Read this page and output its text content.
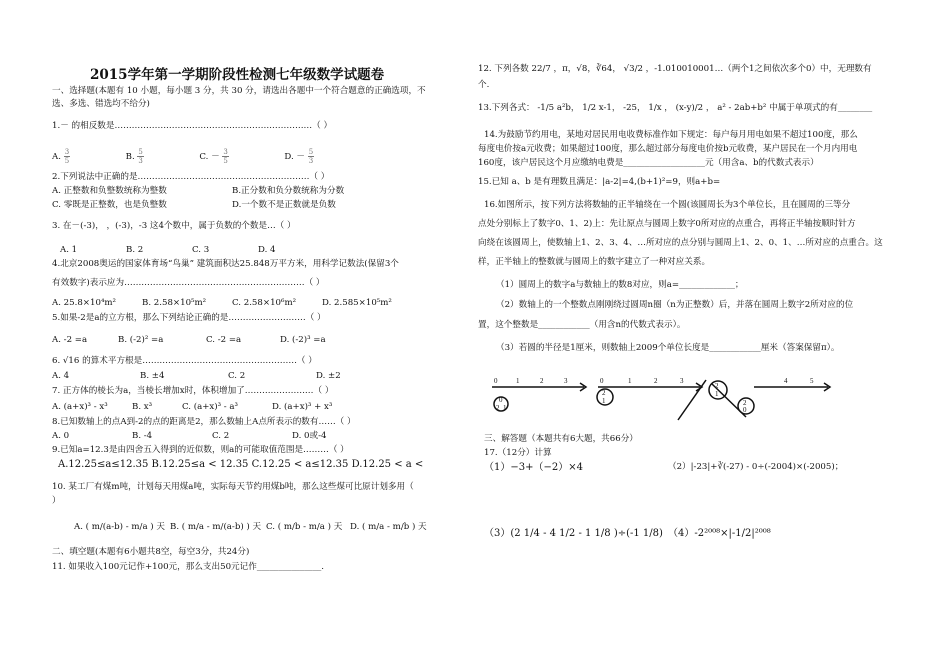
2015学年第一学期阶段性检测七年级数学试题卷
一、选择题(本题有 10 小题，每小题 3 分，共 30 分，请选出各题中一个符合题意的正确选项，不
选、多选、错选均不给分)
1.－ 的相反数是……………………………………………………………（ ）
A. $\frac{3}{5}$	B. $\frac{5}{3}$	C. － $\frac{3}{5}$	D. － $\frac{5}{3}$
2.下列说法中正确的是……………………………………………………（ ）
A. 正整数和负整数统称为整数	B.正分数和负分数统称为分数
C. 零既是正整数，也是负整数	D.一个数不是正数就是负数
3. 在－(-3)， ，(-3)，-3 这4个数中，属于负数的个数是…（ ）
A. 1	B. 2	C. 3	D. 4
4.北京2008奥运的国家体育场“鸟巢” 建筑面积达25.848万平方米，用科学记数法(保留3个
有效数字)表示应为………………………………………………………（ ）
A. 25.8×10⁴m²	B. 2.58×10⁵m²	C. 2.58×10⁶m²	D. 2.585×10⁵m²
5.如果-2是a的立方根，那么下列结论正确的是………………………（ ）
A. -2 =a	B. (-2)² =a	C. -2 =a	D. (-2)³ =a
6. √16 的算术平方根是………………………………………………（ ）
A. 4	B. ±4	C. 2	D. ±2
7. 正方体的棱长为a，当棱长增加x时，体积增加了……………………（ ）
A. (a+x)³ - x³	B. x³	C. (a+x)³ - a³	D. (a+x)³ + x³
8.已知数轴上的点A到-2的点的距离是2，那么数轴上A点所表示的数有……（ ）
A. 0	B. -4	C. 2	D. 0或-4
9.已知a=12.3是由四舍五入得到的近似数，则a的可能取值范围是………（ ）
A.12.25≤a≤12.35 B.12.25≤a < 12.35 C.12.25 < a≤12.35 D.12.25 < a <
10. 某工厂有煤m吨，计划每天用煤a吨，实际每天节约用煤b吨，那么这些煤可比原计划多用（
）
A. ( m/(a-b) - m/a ) 天 B. ( m/a - m/(a-b) ) 天 C. ( m/b - m/a ) 天 D. ( m/a - m/b ) 天
二、填空题(本题有6小题共8空，每空3分，共24分)
11. 如果收入100元记作+100元，那么支出50元记作_______________.
12. 下列各数 22/7 ，π，√8，∛64， √3/2 ，-1.010010001…（两个1之间依次多个0）中，无理数有
个.
13.下列各式： -1/5 a²b， 1/2 x-1， -25， 1/x ， (x-y)/2 ， a² - 2ab+b² 中属于单项式的有________
14.为鼓励节约用电，某地对居民用电收费标准作如下规定：每户每月用电如果不超过100度，那么
每度电价按a元收费；如果超过100度，那么超过部分每度电价按b元收费，某户居民在一个月内用电
160度，该户居民这个月应缴纳电费是___________________元（用含a、b的代数式表示）
15.已知 a、b 是有理数且满足：|a-2|=4,(b+1)²=9，则a+b=
16.如图所示，按下列方法将数轴的正半轴绕在一个圆(该圆周长为3个单位长，且在圆周的三等分
点处分别标上了数字0、1、2)上：先让原点与圆周上数字0所对应的点重合，再将正半轴按顺时针方
向绕在该圆周上，使数轴上1、2、3、4、…所对应的点分别与圆周上1、2、0、1、…所对应的点重合。这
样，正半轴上的整数就与圆周上的数字建立了一种对应关系。
（1）圆周上的数字a与数轴上的数8对应，则a=_____________；
（2）数轴上的一个整数点刚刚绕过圆周n圈（n为正整数）后，并落在圆周上数字2所对应的位
置，这个整数是____________（用含n的代数式表示）。
（3）若圆的半径是1厘米，则数轴上2009个单位长度是____________厘米（答案保留π）。
0	1	2	3	0	1	2	3	4	5
0
2 1
2
1
2
1
2
0
三、解答题（本题共有6大题，共66分）
17.（12分）计算
（1）−3+（−2）×4	（2）|-23|+∛(-27) - 0÷(-2004)×(-2005)；
（3）(2 1/4 - 4 1/2 - 1 1/8 )÷(-1 1/8) （4）-2²⁰⁰⁸×|-1/2|²⁰⁰⁸
